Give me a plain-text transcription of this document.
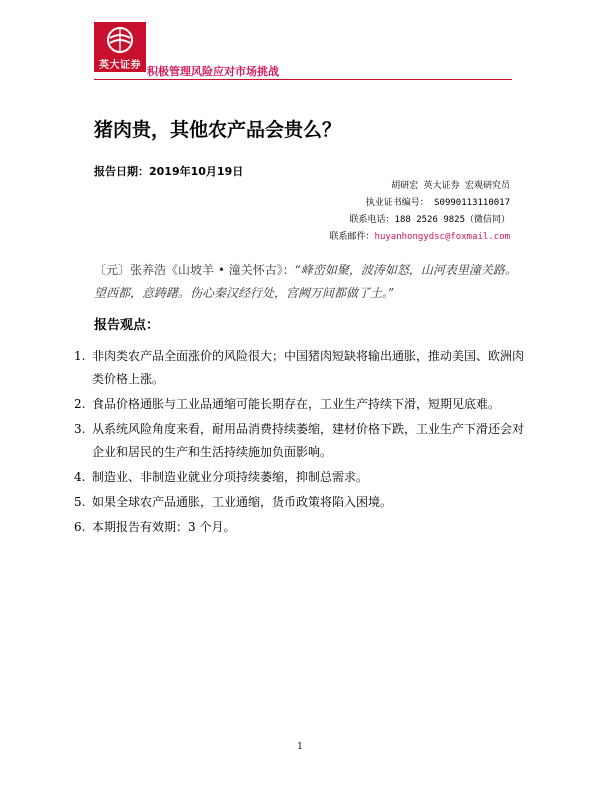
英大证券 积极管理风险应对市场挑战
猪肉贵，其他农产品会贵么？
报告日期：2019年10月19日
胡研宏 英大证券 宏观研究员
执业证书编号： S0990113110017
联系电话：188 2526 9825（微信同）
联系邮件：huyanhongydsc@foxmail.com
〔元〕张养浩《山坡羊 • 潼关怀古》：“峰峦如聚，波涛如怒，山河表里潼关路。望西都，意踌躇。伤心秦汉经行处，宫阙万间都做了土。”
报告观点：
1. 非肉类农产品全面涨价的风险很大；中国猪肉短缺将输出通胀，推动美国、欧洲肉类价格上涨。
2. 食品价格通胀与工业品通缩可能长期存在，工业生产持续下滑，短期见底难。
3. 从系统风险角度来看，耐用品消费持续萎缩，建材价格下跌，工业生产下滑还会对企业和居民的生产和生活持续施加负面影响。
4. 制造业、非制造业就业分项持续萎缩，抑制总需求。
5. 如果全球农产品通胀，工业通缩，货币政策将陷入困境。
6. 本期报告有效期：3 个月。
1
